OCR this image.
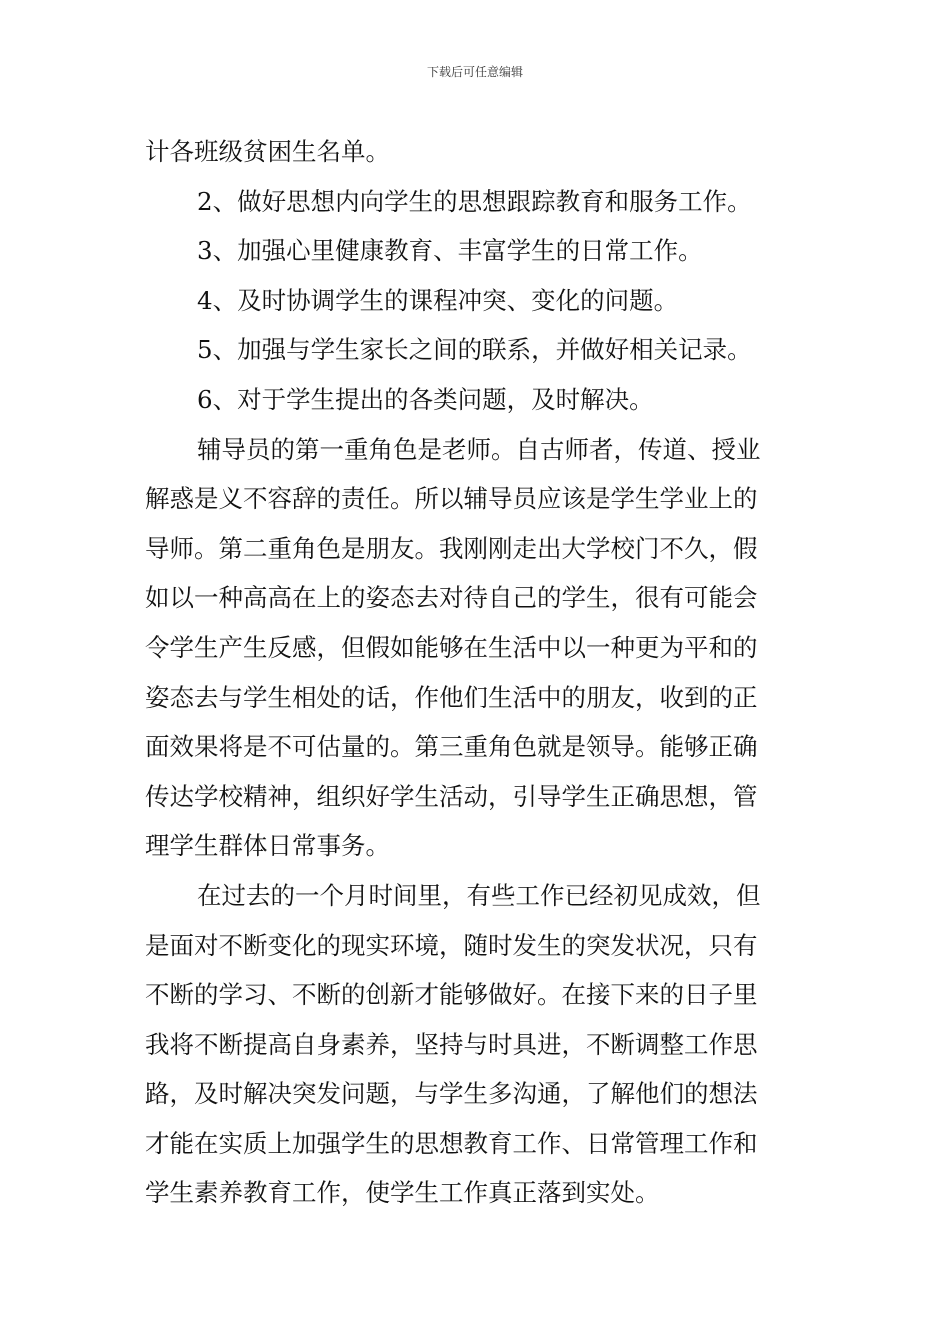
下载后可任意编辑
计各班级贫困生名单。
2、做好思想内向学生的思想跟踪教育和服务工作。
3、加强心里健康教育、丰富学生的日常工作。
4、及时协调学生的课程冲突、变化的问题。
5、加强与学生家长之间的联系，并做好相关记录。
6、对于学生提出的各类问题，及时解决。
辅导员的第一重角色是老师。自古师者，传道、授业
解惑是义不容辞的责任。所以辅导员应该是学生学业上的
导师。第二重角色是朋友。我刚刚走出大学校门不久，假
如以一种高高在上的姿态去对待自己的学生，很有可能会
令学生产生反感，但假如能够在生活中以一种更为平和的
姿态去与学生相处的话，作他们生活中的朋友，收到的正
面效果将是不可估量的。第三重角色就是领导。能够正确
传达学校精神，组织好学生活动，引导学生正确思想，管
理学生群体日常事务。
在过去的一个月时间里，有些工作已经初见成效，但
是面对不断变化的现实环境，随时发生的突发状况，只有
不断的学习、不断的创新才能够做好。在接下来的日子里
我将不断提高自身素养，坚持与时具进，不断调整工作思
路，及时解决突发问题，与学生多沟通，了解他们的想法
才能在实质上加强学生的思想教育工作、日常管理工作和
学生素养教育工作，使学生工作真正落到实处。
